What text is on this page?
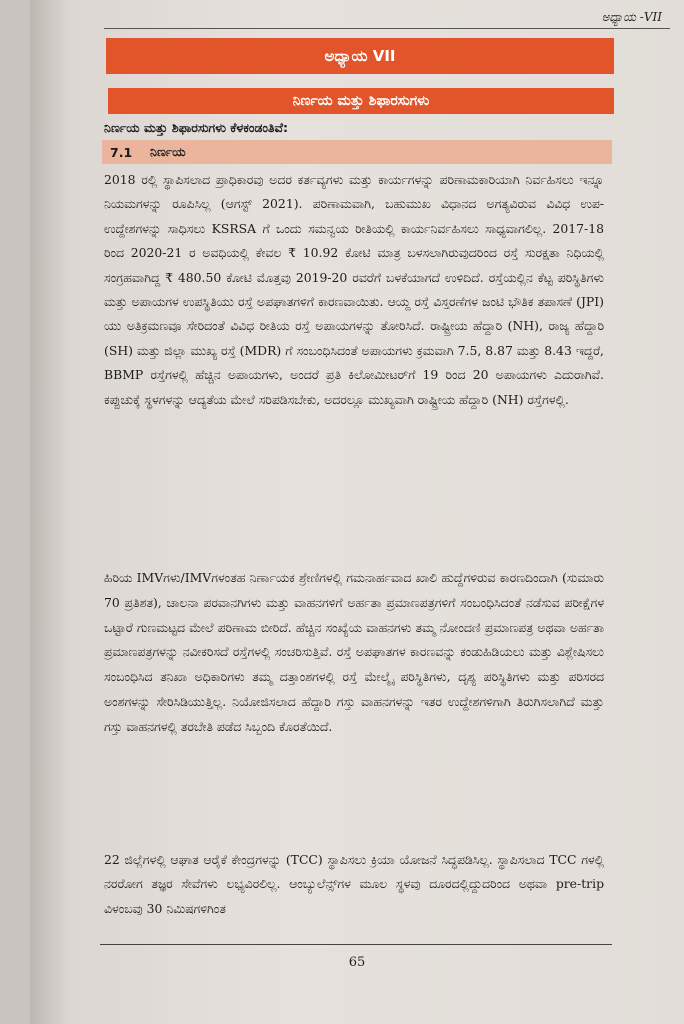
ಅಧ್ಯಾಯ -VII
ಅಧ್ಯಾಯ VII
ನಿರ್ಣಯ ಮತ್ತು ಶಿಫಾರಸುಗಳು
ನಿರ್ಣಯ ಮತ್ತು ಶಿಫಾರಸುಗಳು ಕೆಳಕಂಡಂತಿವೆ:
7.1	ನಿರ್ಣಯ
2018 ರಲ್ಲಿ ಸ್ಥಾಪಿಸಲಾದ ಪ್ರಾಧಿಕಾರವು ಅದರ ಕರ್ತವ್ಯಗಳು ಮತ್ತು ಕಾರ್ಯಗಳನ್ನು ಪರಿಣಾಮಕಾರಿಯಾಗಿ ನಿರ್ವಹಿಸಲು ಇನ್ನೂ ನಿಯಮಗಳನ್ನು ರೂಪಿಸಿಲ್ಲ (ಆಗಸ್ಟ್ 2021). ಪರಿಣಾಮವಾಗಿ, ಬಹುಮುಖ ವಿಧಾನದ ಅಗತ್ಯವಿರುವ ವಿವಿಧ ಉಪ-ಉದ್ದೇಶಗಳನ್ನು ಸಾಧಿಸಲು KSRSA ಗೆ ಒಂದು ಸಮನ್ವಯ ರೀತಿಯಲ್ಲಿ ಕಾರ್ಯನಿರ್ವಹಿಸಲು ಸಾಧ್ಯವಾಗಲಿಲ್ಲ. 2017-18 ರಿಂದ 2020-21 ರ ಅವಧಿಯಲ್ಲಿ ಕೇವಲ ₹ 10.92 ಕೋಟಿ ಮಾತ್ರ ಬಳಸಲಾಗಿರುವುದರಿಂದ ರಸ್ತೆ ಸುರಕ್ಷತಾ ನಿಧಿಯಲ್ಲಿ ಸಂಗ್ರಹವಾಗಿದ್ದ ₹ 480.50 ಕೋಟಿ ಮೊತ್ತವು 2019-20 ರವರೆಗೆ ಬಳಕೆಯಾಗದೆ ಉಳಿದಿದೆ. ರಸ್ತೆಯಲ್ಲಿನ ಕೆಟ್ಟ ಪರಿಸ್ಥಿತಿಗಳು ಮತ್ತು ಅಪಾಯಗಳ ಉಪಸ್ಥಿತಿಯು ರಸ್ತೆ ಅಪಘಾತಗಳಿಗೆ ಕಾರಣವಾಯಿತು. ಆಯ್ದ ರಸ್ತೆ ವಿಸ್ತರಣೆಗಳ ಜಂಟಿ ಭೌತಿಕ ತಪಾಸಣೆ (JPI) ಯು ಅತಿಕ್ರಮಣವೂ ಸೇರಿದಂತೆ ವಿವಿಧ ರೀತಿಯ ರಸ್ತೆ ಅಪಾಯಗಳನ್ನು ತೋರಿಸಿದೆ. ರಾಷ್ಟ್ರೀಯ ಹೆದ್ದಾರಿ (NH), ರಾಜ್ಯ ಹೆದ್ದಾರಿ (SH) ಮತ್ತು ಜಿಲ್ಲಾ ಮುಖ್ಯ ರಸ್ತೆ (MDR) ಗೆ ಸಂಬಂಧಿಸಿದಂತೆ ಅಪಾಯಗಳು ಕ್ರಮವಾಗಿ 7.5, 8.87 ಮತ್ತು 8.43 ಇದ್ದರೆ, BBMP ರಸ್ತೆಗಳಲ್ಲಿ ಹೆಚ್ಚಿನ ಅಪಾಯಗಳು, ಅಂದರೆ ಪ್ರತಿ ಕಿಲೋಮೀಟರ್‌ಗೆ 19 ರಿಂದ 20 ಅಪಾಯಗಳು ಎದುರಾಗಿವೆ. ಕಪ್ಪುಚುಕ್ಕೆ ಸ್ಥಳಗಳನ್ನು ಆದ್ಯತೆಯ ಮೇಲೆ ಸರಿಪಡಿಸಬೇಕು, ಅದರಲ್ಲೂ ಮುಖ್ಯವಾಗಿ ರಾಷ್ಟ್ರೀಯ ಹೆದ್ದಾರಿ (NH) ರಸ್ತೆಗಳಲ್ಲಿ.
ಹಿರಿಯ IMVಗಳು/IMVಗಳಂತಹ ನಿರ್ಣಾಯಕ ಶ್ರೇಣಿಗಳಲ್ಲಿ ಗಮನಾರ್ಹವಾದ ಖಾಲಿ ಹುದ್ದೆಗಳಿರುವ ಕಾರಣದಿಂದಾಗಿ (ಸುಮಾರು 70 ಪ್ರತಿಶತ), ಚಾಲನಾ ಪರವಾನಗಿಗಳು ಮತ್ತು ವಾಹನಗಳಿಗೆ ಅರ್ಹತಾ ಪ್ರಮಾಣಪತ್ರಗಳಿಗೆ ಸಂಬಂಧಿಸಿದಂತೆ ನಡೆಸುವ ಪರೀಕ್ಷೆಗಳ ಒಟ್ಟಾರೆ ಗುಣಮಟ್ಟದ ಮೇಲೆ ಪರಿಣಾಮ ಬೀರಿದೆ. ಹೆಚ್ಚಿನ ಸಂಖ್ಯೆಯ ವಾಹನಗಳು ತಮ್ಮ ನೋಂದಣಿ ಪ್ರಮಾಣಪತ್ರ ಅಥವಾ ಅರ್ಹತಾ ಪ್ರಮಾಣಪತ್ರಗಳನ್ನು ನವೀಕರಿಸದೆ ರಸ್ತೆಗಳಲ್ಲಿ ಸಂಚರಿಸುತ್ತಿವೆ. ರಸ್ತೆ ಅಪಘಾತಗಳ ಕಾರಣವನ್ನು ಕಂಡುಹಿಡಿಯಲು ಮತ್ತು ವಿಶ್ಲೇಷಿಸಲು ಸಂಬಂಧಿಸಿದ ತನಿಖಾ ಅಧಿಕಾರಿಗಳು ತಮ್ಮ ದತ್ತಾಂಶಗಳಲ್ಲಿ ರಸ್ತೆ ಮೇಲ್ಮೈ ಪರಿಸ್ಥಿತಿಗಳು, ದೃಶ್ಯ ಪರಿಸ್ಥಿತಿಗಳು ಮತ್ತು ಪರಿಸರದ ಅಂಶಗಳನ್ನು ಸೇರಿಸಿಡಿಯುತ್ತಿಲ್ಲ. ನಿಯೋಜಿಸಲಾದ ಹೆದ್ದಾರಿ ಗಸ್ತು ವಾಹನಗಳನ್ನು ಇತರ ಉದ್ದೇಶಗಳಿಗಾಗಿ ತಿರುಗಿಸಲಾಗಿದೆ ಮತ್ತು ಗಸ್ತು ವಾಹನಗಳಲ್ಲಿ ತರಬೇತಿ ಪಡೆದ ಸಿಬ್ಬಂದಿ ಕೊರತೆಯಿದೆ.
22 ಜಿಲ್ಲೆಗಳಲ್ಲಿ ಆಘಾತ ಆರೈಕೆ ಕೇಂದ್ರಗಳನ್ನು (TCC) ಸ್ಥಾಪಿಸಲು ಕ್ರಿಯಾ ಯೋಜನೆ ಸಿದ್ಧಪಡಿಸಿಲ್ಲ. ಸ್ಥಾಪಿಸಲಾದ TCC ಗಳಲ್ಲಿ ನರರೋಗ ತಜ್ಞರ ಸೇವೆಗಳು ಲಭ್ಯವಿರಲಿಲ್ಲ. ಆಂಬ್ಯುಲೆನ್ಸ್‌ಗಳ ಮೂಲ ಸ್ಥಳವು ದೂರದಲ್ಲಿದ್ದುದರಿಂದ ಅಥವಾ pre-trip ವಿಳಂಬವು 30 ನಿಮಿಷಗಳಿಗಿಂತ
65
